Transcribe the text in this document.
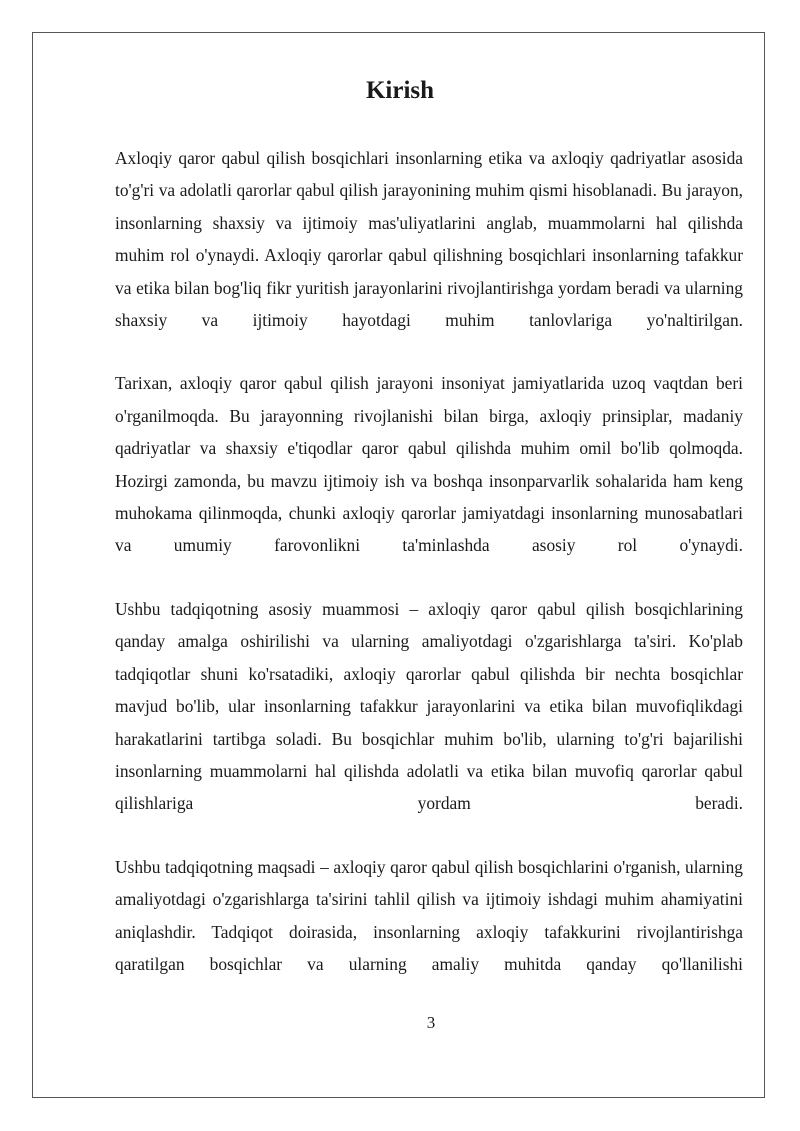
Kirish

Axloqiy qaror qabul qilish bosqichlari insonlarning etika va axloqiy qadriyatlar asosida to'g'ri va adolatli qarorlar qabul qilish jarayonining muhim qismi hisoblanadi. Bu jarayon, insonlarning shaxsiy va ijtimoiy mas'uliyatlarini anglab, muammolarni hal qilishda muhim rol o'ynaydi. Axloqiy qarorlar qabul qilishning bosqichlari insonlarning tafakkur va etika bilan bog'liq fikr yuritish jarayonlarini rivojlantirishga yordam beradi va ularning shaxsiy va ijtimoiy hayotdagi muhim tanlovlariga yo'naltirilgan.

Tarixan, axloqiy qaror qabul qilish jarayoni insoniyat jamiyatlarida uzoq vaqtdan beri o'rganilmoqda. Bu jarayonning rivojlanishi bilan birga, axloqiy prinsiplar, madaniy qadriyatlar va shaxsiy e'tiqodlar qaror qabul qilishda muhim omil bo'lib qolmoqda. Hozirgi zamonda, bu mavzu ijtimoiy ish va boshqa insonparvarlik sohalarida ham keng muhokama qilinmoqda, chunki axloqiy qarorlar jamiyatdagi insonlarning munosabatlari va umumiy farovonlikni ta'minlashda asosiy rol o'ynaydi.

Ushbu tadqiqotning asosiy muammosi – axloqiy qaror qabul qilish bosqichlarining qanday amalga oshirilishi va ularning amaliyotdagi o'zgarishlarga ta'siri. Ko'plab tadqiqotlar shuni ko'rsatadiki, axloqiy qarorlar qabul qilishda bir nechta bosqichlar mavjud bo'lib, ular insonlarning tafakkur jarayonlarini va etika bilan muvofiqlikdagi harakatlarini tartibga soladi. Bu bosqichlar muhim bo'lib, ularning to'g'ri bajarilishi insonlarning muammolarni hal qilishda adolatli va etika bilan muvofiq qarorlar qabul qilishlariga yordam beradi.

Ushbu tadqiqotning maqsadi – axloqiy qaror qabul qilish bosqichlarini o'rganish, ularning amaliyotdagi o'zgarishlarga ta'sirini tahlil qilish va ijtimoiy ishdagi muhim ahamiyatini aniqlashdir. Tadqiqot doirasida, insonlarning axloqiy tafakkurini rivojlantirishga qaratilgan bosqichlar va ularning amaliy muhitda qanday qo'llanilishi

3
